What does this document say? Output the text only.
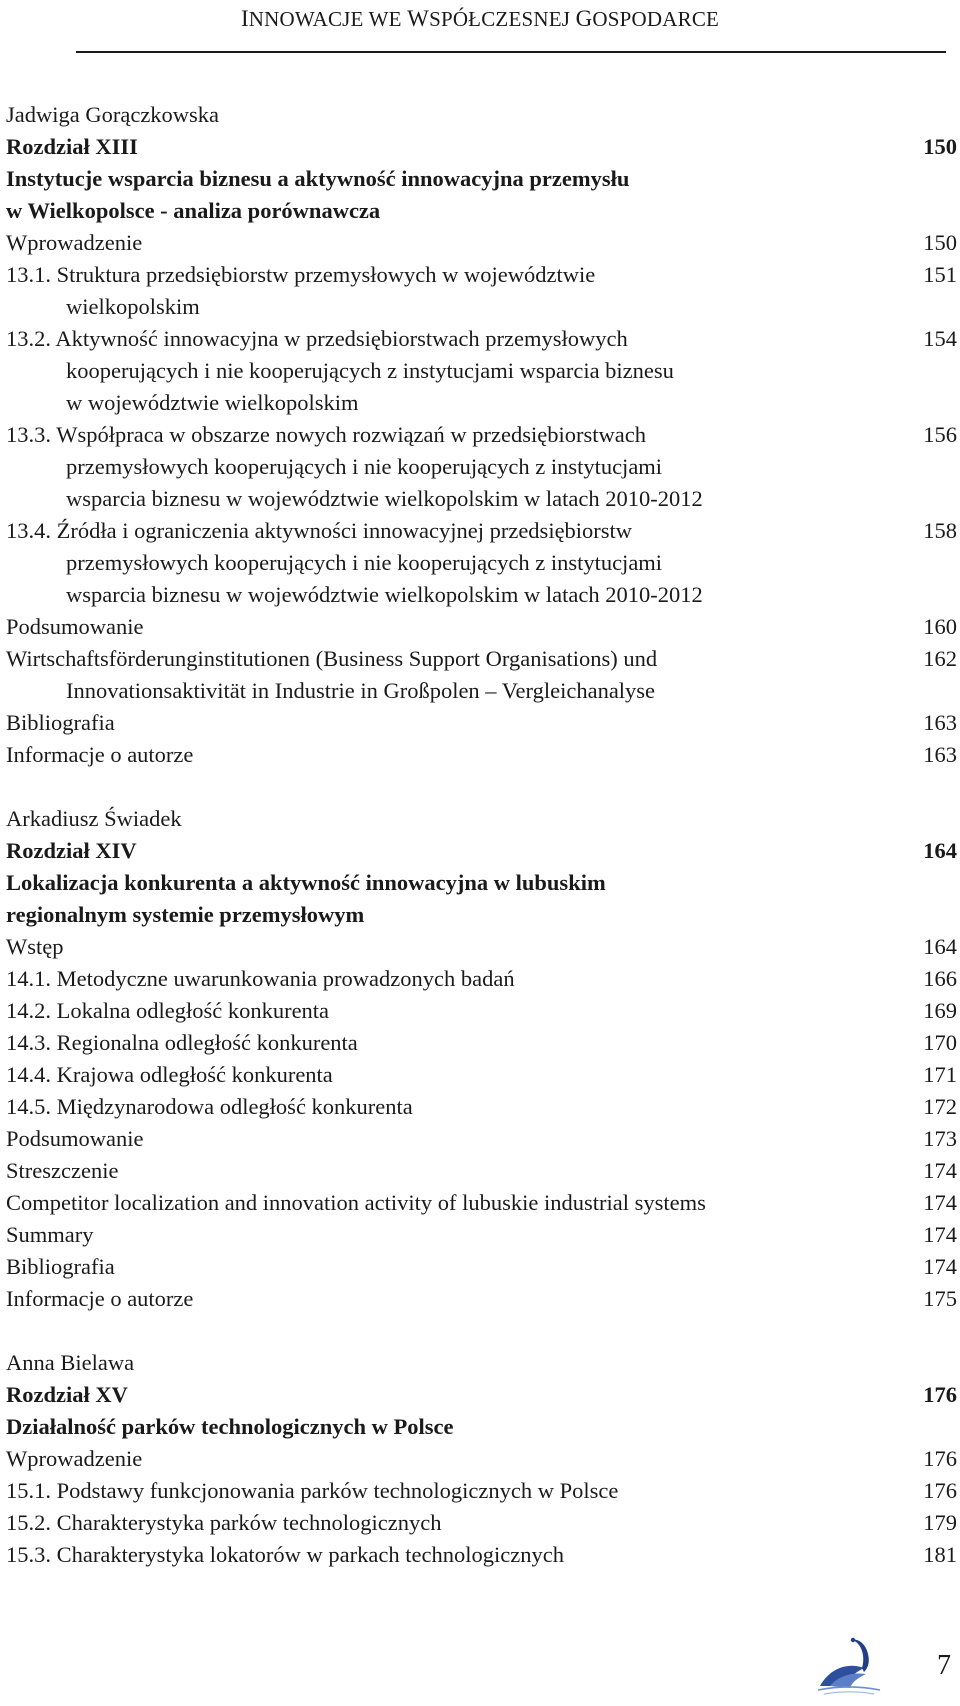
INNOWACJE WE WSPÓŁCZESNEJ GOSPODARCE
Jadwiga Gorączkowska
Rozdział XIII	150
Instytucje wsparcia biznesu a aktywność innowacyjna przemysłu
w Wielkopolsce - analiza porównawcza
Wprowadzenie	150
13.1. Struktura przedsiębiorstw przemysłowych w województwie	151
wielkopolskim
13.2. Aktywność innowacyjna w przedsiębiorstwach przemysłowych	154
kooperujących i nie kooperujących z instytucjami wsparcia biznesu
w województwie wielkopolskim
13.3. Współpraca w obszarze nowych rozwiązań w przedsiębiorstwach	156
przemysłowych kooperujących i nie kooperujących z instytucjami
wsparcia biznesu w województwie wielkopolskim w latach 2010-2012
13.4. Źródła i ograniczenia aktywności innowacyjnej przedsiębiorstw	158
przemysłowych kooperujących i nie kooperujących z instytucjami
wsparcia biznesu w województwie wielkopolskim w latach 2010-2012
Podsumowanie	160
Wirtschaftsförderunginstitutionen (Business Support Organisations) und	162
Innovationsaktivität in Industrie in Großpolen – Vergleichanalyse
Bibliografia	163
Informacje o autorze	163
Arkadiusz Świadek
Rozdział XIV	164
Lokalizacja konkurenta a aktywność innowacyjna w lubuskim
regionalnym systemie przemysłowym
Wstęp	164
14.1. Metodyczne uwarunkowania prowadzonych badań	166
14.2. Lokalna odległość konkurenta	169
14.3. Regionalna odległość konkurenta	170
14.4. Krajowa odległość konkurenta	171
14.5. Międzynarodowa odległość konkurenta	172
Podsumowanie	173
Streszczenie	174
Competitor localization and innovation activity of lubuskie industrial systems	174
Summary	174
Bibliografia	174
Informacje o autorze	175
Anna Bielawa
Rozdział XV	176
Działalność parków technologicznych w Polsce
Wprowadzenie	176
15.1. Podstawy funkcjonowania parków technologicznych w Polsce	176
15.2. Charakterystyka parków technologicznych	179
15.3. Charakterystyka lokatorów w parkach technologicznych	181
7
